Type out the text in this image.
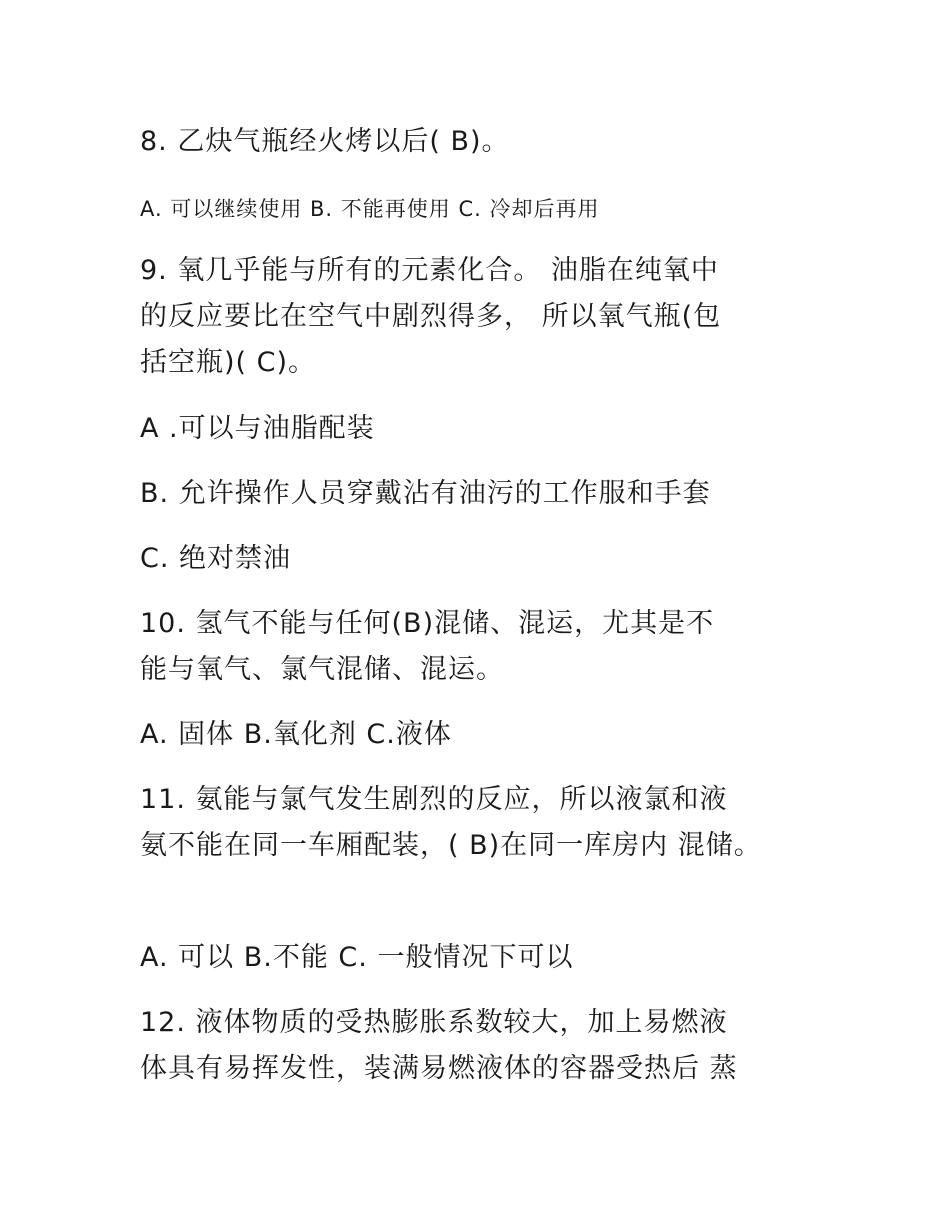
8. 乙炔气瓶经火烤以后( B)。
A. 可以继续使用 B. 不能再使用 C. 冷却后再用
9. 氧几乎能与所有的元素化合。 油脂在纯氧中
的反应要比在空气中剧烈得多， 所以氧气瓶(包
括空瓶)( C)。
A .可以与油脂配装
B. 允许操作人员穿戴沾有油污的工作服和手套
C. 绝对禁油
10. 氢气不能与任何(B)混储、混运，尤其是不
能与氧气、氯气混储、混运。
A. 固体 B.氧化剂 C.液体
11. 氨能与氯气发生剧烈的反应，所以液氯和液
氨不能在同一车厢配装，( B)在同一库房内 混储。
A. 可以 B.不能 C. 一般情况下可以
12. 液体物质的受热膨胀系数较大，加上易燃液
体具有易挥发性，装满易燃液体的容器受热后 蒸
